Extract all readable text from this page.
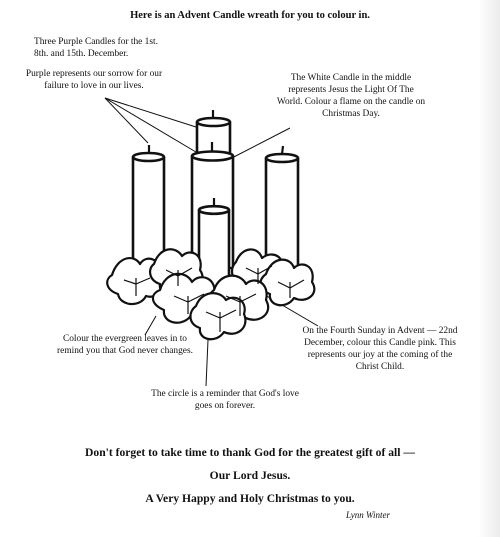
Here is an Advent Candle wreath for you to colour in.

Three Purple Candles for the 1st. 8th. and 15th. December.

Purple represents our sorrow for our failure to love in our lives.

The White Candle in the middle represents Jesus the Light Of The World. Colour a flame on the candle on Christmas Day.

On the Fourth Sunday in Advent — 22nd December, colour this Candle pink. This represents our joy at the coming of the Christ Child.

Colour the evergreen leaves in to remind you that God never changes.

The circle is a reminder that God's love goes on forever.

Don't forget to take time to thank God for the greatest gift of all —

Our Lord Jesus.

A Very Happy and Holy Christmas to you.

Lynn Winter
